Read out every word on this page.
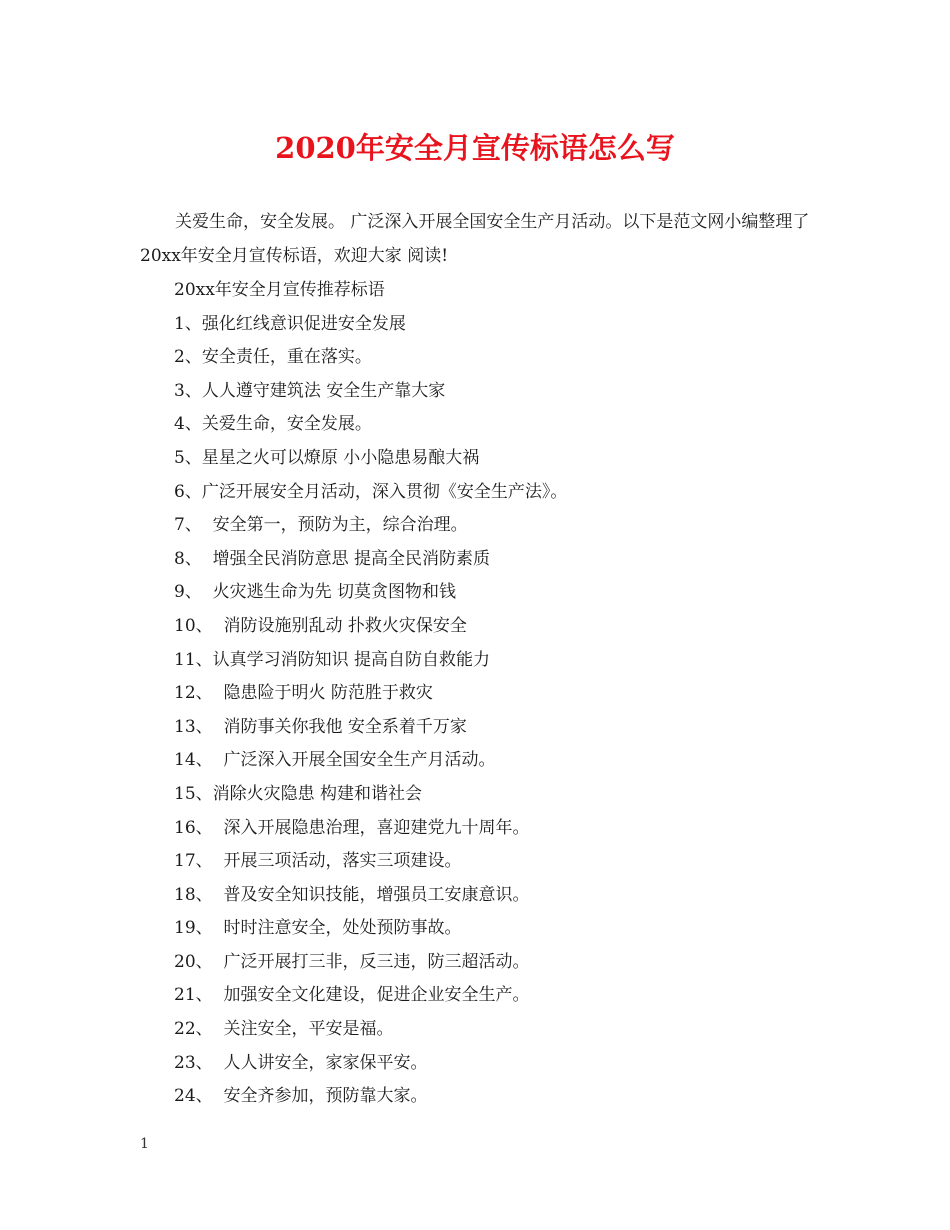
2020年安全月宣传标语怎么写
关爱生命，安全发展。 广泛深入开展全国安全生产月活动。以下是范文网小编整理了20xx年安全月宣传标语，欢迎大家 阅读!
20xx年安全月宣传推荐标语
1、强化红线意识促进安全发展
2、安全责任，重在落实。
3、人人遵守建筑法 安全生产靠大家
4、关爱生命，安全发展。
5、星星之火可以燎原 小小隐患易酿大祸
6、广泛开展安全月活动，深入贯彻《安全生产法》。
7、  安全第一，预防为主，综合治理。
8、  增强全民消防意思 提高全民消防素质
9、  火灾逃生命为先 切莫贪图物和钱
10、  消防设施别乱动 扑救火灾保安全
11、认真学习消防知识 提高自防自救能力
12、  隐患险于明火 防范胜于救灾
13、  消防事关你我他 安全系着千万家
14、  广泛深入开展全国安全生产月活动。
15、消除火灾隐患 构建和谐社会
16、  深入开展隐患治理，喜迎建党九十周年。
17、  开展三项活动，落实三项建设。
18、  普及安全知识技能，增强员工安康意识。
19、  时时注意安全，处处预防事故。
20、  广泛开展打三非，反三违，防三超活动。
21、  加强安全文化建设，促进企业安全生产。
22、  关注安全，平安是福。
23、  人人讲安全，家家保平安。
24、  安全齐参加，预防靠大家。
1
